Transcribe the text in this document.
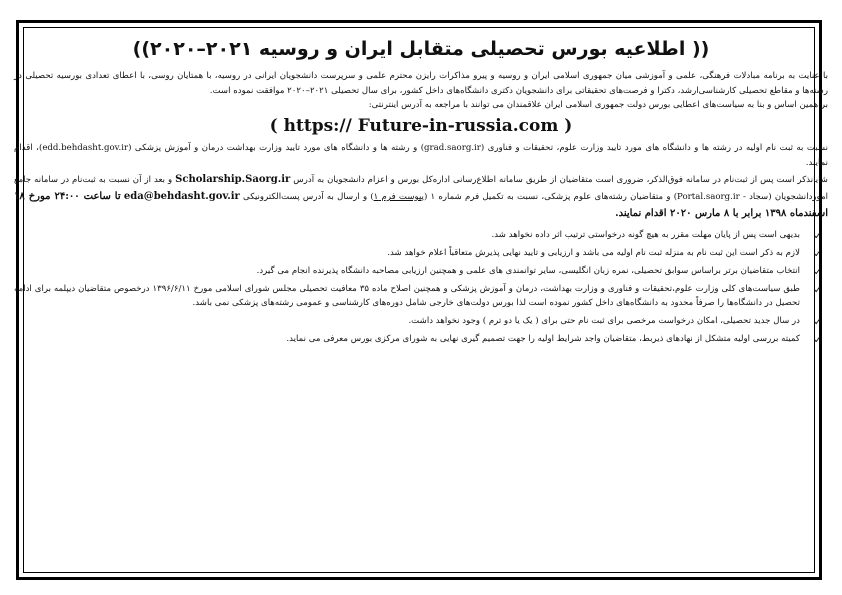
(( اطلاعیه بورس تحصیلی متقابل ایران و روسیه ۲۰۲۱–۲۰۲۰))

با عنایت به برنامه مبادلات فرهنگی، علمی و آموزشی میان جمهوری اسلامی ایران و روسیه و پیرو مذاکرات رایزن محترم علمی و سرپرست دانشجویان ایرانی در روسیه، با همتایان روسی، با اعطای تعدادی بورسیه تحصیلی در رشته‌ها و مقاطع تحصیلی کارشناسی‌ارشد، دکترا و فرصت‌های تحقیقاتی برای دانشجویان دکتری دانشگاه‌های داخل کشور، برای سال تحصیلی ۲۰۲۱–۲۰۲۰ موافقت نموده است.

بر همین اساس و بنا به سیاست‌های اعطایی بورس دولت جمهوری اسلامی ایران علاقمندان می توانند با مراجعه به آدرس اینترنتی:

( https:// Future-in-russia.com )

نسبت به ثبت نام اولیه در رشته ها و دانشگاه های مورد تایید وزارت علوم، تحقیقات و فناوری (grad.saorg.ir) و رشته ها و دانشگاه های مورد تایید وزارت بهداشت درمان و آموزش پزشکی (edd.behdasht.gov.ir)، اقدام نمایند.

شایانذکر است پس از ثبت‌نام در سامانه فوق‌الذکر، ضروری است متقاضیان از طریق سامانه اطلاع‌رسانی اداره‌کل بورس و اعزام دانشجویان به آدرس Scholarship.Saorg.ir و بعد از آن نسبت به ثبت‌نام در سامانه جامع اموردانشجویان (سجاد - Portal.saorg.ir) و متقاضیان رشته‌های علوم پزشکی، نسبت به تکمیل فرم شماره ۱ (پیوست فرم ۱) و ارسال به آدرس پست‌الکترونیکی eda@behdasht.gov.ir تا ساعت ۲۴:۰۰ مورخ ۱۸ اسفندماه ۱۳۹۸ برابر با ۸ مارس ۲۰۲۰ اقدام نمایند.

✓
بدیهی است پس از پایان مهلت مقرر به هیچ گونه درخواستی ترتیب اثر داده نخواهد شد.
✓
لازم به ذکر است این ثبت نام به منزله ثبت نام اولیه می باشد و ارزیابی و تایید نهایی پذیرش متعاقباً اعلام خواهد شد.
✓
انتخاب متقاضیان برتر براساس سوابق تحصیلی، نمره زبان انگلیسی، سایر توانمندی های علمی و همچنین ارزیابی مصاحبه دانشگاه پذیرنده انجام می گیرد.
✓
طبق سیاست‌های کلی وزارت علوم،تحقیقات و فناوری و وزارت بهداشت، درمان و آموزش پزشکی و همچنین اصلاح ماده ۳۵ معافیت تحصیلی مجلس شورای اسلامی مورخ ۱۳۹۶/۶/۱۱ درخصوص متقاضیان دیپلمه برای ادامه تحصیل در دانشگاه‌ها را صرفاً محدود به دانشگاه‌های داخل کشور نموده است لذا بورس دولت‌های خارجی شامل دوره‌های کارشناسی و عمومی رشته‌های پزشکی نمی باشد.
✓
در سال جدید تحصیلی، امکان درخواست مرخصی برای ثبت نام حتی برای ( یک یا دو ترم ) وجود نخواهد داشت.
✓
کمیته بررسی اولیه متشکل از نهادهای ذیربط، متقاضیان واجد شرایط اولیه را جهت تصمیم گیری نهایی به شورای مرکزی بورس معرفی می نماید.
